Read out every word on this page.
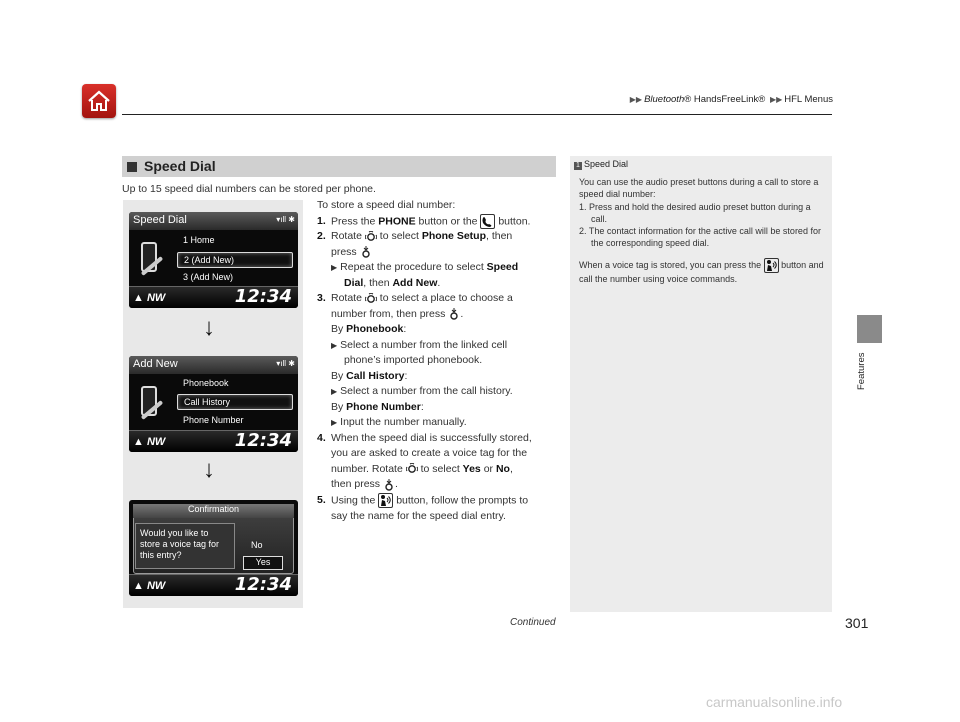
▶▶ Bluetooth® HandsFreeLink® ▶▶ HFL Menus
Features
Speed Dial
Up to 15 speed dial numbers can be stored per phone.
Speed Dial	▾ıll ✱
1 Home
2 (Add New)
3 (Add New)
▲ NW	12:34
↓
Add New	▾ıll ✱
Phonebook
Call History
Phone Number
▲ NW	12:34
↓
Confirmation
Would you like to store a voice tag for this entry?
No
Yes
▲ NW	12:34
To store a speed dial number:
1. Press the PHONE button or the  button.
2. Rotate  to select Phone Setup, then
press
▶ Repeat the procedure to select Speed
Dial, then Add New.
3. Rotate  to select a place to choose a
number from, then press .
By Phonebook:
▶ Select a number from the linked cell
phone’s imported phonebook.
By Call History:
▶ Select a number from the call history.
By Phone Number:
▶ Input the number manually.
4. When the speed dial is successfully stored,
you are asked to create a voice tag for the
number. Rotate  to select Yes or No,
then press .
5. Using the  button, follow the prompts to
say the name for the speed dial entry.
1 Speed Dial
You can use the audio preset buttons during a call to store a speed dial number:
1. Press and hold the desired audio preset button during a call.
2. The contact information for the active call will be stored for the corresponding speed dial.
When a voice tag is stored, you can press the  button and call the number using voice commands.
Continued	301
carmanualsonline.info
